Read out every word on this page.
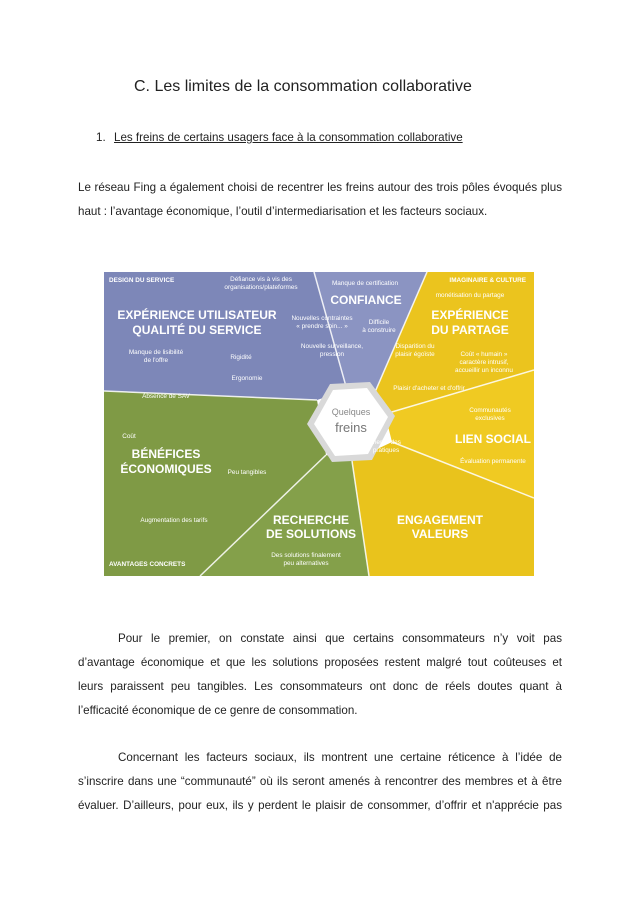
C. Les limites de la consommation collaborative
1. Les freins de certains usagers face à la consommation collaborative
Le réseau Fing a également choisi de recentrer les freins autour des trois pôles évoqués plus
haut : l’avantage économique, l’outil d’intermediarisation et les facteurs sociaux.
Quelques
freins
DESIGN DU SERVICE	IMAGINAIRE & CULTURE
AVANTAGES CONCRETS
EXPÉRIENCE UTILISATEUR
QUALITÉ DU SERVICE
CONFIANCE
EXPÉRIENCE
DU PARTAGE
LIEN SOCIAL
ENGAGEMENT
VALEURS
RECHERCHE
DE SOLUTIONS
BÉNÉFICES
ÉCONOMIQUES
Défiance vis à vis des
organisations/plateformes
Manque de certification
Nouvelles contraintes
« prendre soin... »
Difficile
à construire
Nouvelle surveillance,
pression
Manque de lisibilité
de l'offre	Rigidité
Ergonomie
Absence de SAV
monétisation du partage
Disparition du
plaisir égoïste	Coût « humain »
caractère intrusif,
accueillir un inconnu
Plaisir d'acheter et d'offrir
Communautés
exclusives
Évaluation permanente
Coût
Peu tangibles
Inertie des
pratiques
Augmentation des tarifs
Des solutions finalement
peu alternatives
Pour le premier, on constate ainsi que certains consommateurs n’y voit pas
d’avantage économique et que les solutions proposées restent malgré tout coûteuses et
leurs paraissent peu tangibles. Les consommateurs ont donc de réels doutes quant à
l’efficacité économique de ce genre de consommation.
Concernant les facteurs sociaux, ils montrent une certaine réticence à l’idée de
s’inscrire dans une “communauté” où ils seront amenés à rencontrer des membres et à être
évaluer. D’ailleurs, pour eux, ils y perdent le plaisir de consommer, d’offrir et n'apprécie pas
